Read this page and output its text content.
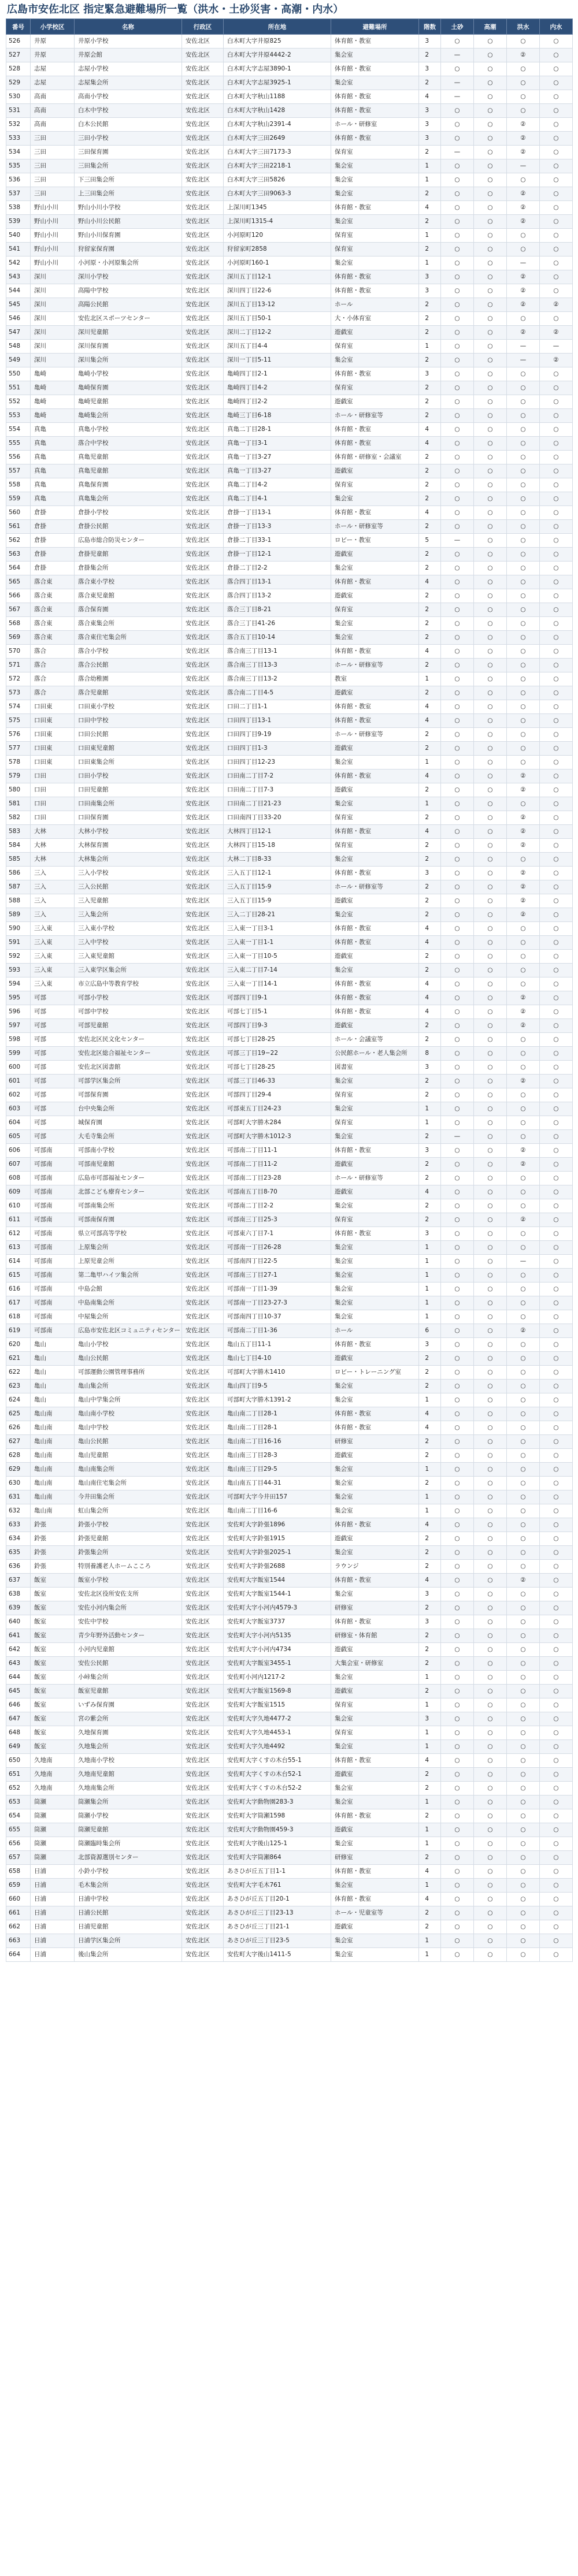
広島市安佐北区 指定緊急避難場所一覧（洪水・土砂災害・高潮・内水）
番号	小学校区	名称	行政区	所在地	避難場所	階数	土砂	高潮	洪水	内水
526	井原	井原小学校	安佐北区	白木町大字井原825	体育館・教室	3	○	○	○	○
527	井原	井原会館	安佐北区	白木町大字井原4442-2	集会室	2	—	○	②	○
528	志屋	志屋小学校	安佐北区	白木町大字志屋3890-1	体育館・教室	3	○	○	○	○
529	志屋	志屋集会所	安佐北区	白木町大字志屋3925-1	集会室	2	—	○	○	○
530	高南	高南小学校	安佐北区	白木町大字秋山1188	体育館・教室	4	—	○	○	○
531	高南	白木中学校	安佐北区	白木町大字秋山1428	体育館・教室	3	○	○	○	○
532	高南	白木公民館	安佐北区	白木町大字秋山2391-4	ホール・研修室	3	○	○	②	○
533	三田	三田小学校	安佐北区	白木町大字三田2649	体育館・教室	3	○	○	②	○
534	三田	三田保育園	安佐北区	白木町大字三田7173-3	保育室	2	—	○	②	○
535	三田	三田集会所	安佐北区	白木町大字三田2218-1	集会室	1	○	○	—	○
536	三田	下三田集会所	安佐北区	白木町大字三田5826	集会室	1	○	○	○	○
537	三田	上三田集会所	安佐北区	白木町大字三田9063-3	集会室	2	○	○	②	○
538	野山小川	野山小川小学校	安佐北区	上深川町1345	体育館・教室	4	○	○	②	○
539	野山小川	野山小川公民館	安佐北区	上深川町1315-4	集会室	2	○	○	②	○
540	野山小川	野山小川保育園	安佐北区	小河原町120	保育室	1	○	○	○	○
541	野山小川	狩留家保育園	安佐北区	狩留家町2858	保育室	2	○	○	○	○
542	野山小川	小河原・小河原集会所	安佐北区	小河原町160-1	集会室	1	○	○	—	○
543	深川	深川小学校	安佐北区	深川五丁目12-1	体育館・教室	3	○	○	②	○
544	深川	高陽中学校	安佐北区	深川四丁目22-6	体育館・教室	3	○	○	②	○
545	深川	高陽公民館	安佐北区	深川五丁目13-12	ホール	2	○	○	②	②
546	深川	安佐北区スポーツセンター	安佐北区	深川五丁目50-1	大・小体育室	2	○	○	○	○
547	深川	深川児童館	安佐北区	深川二丁目12-2	遊戯室	2	○	○	②	②
548	深川	深川保育園	安佐北区	深川五丁目4-4	保育室	1	○	○	—	—
549	深川	深川集会所	安佐北区	深川一丁目5-11	集会室	2	○	○	—	②
550	亀崎	亀崎小学校	安佐北区	亀崎四丁目2-1	体育館・教室	3	○	○	○	○
551	亀崎	亀崎保育園	安佐北区	亀崎四丁目4-2	保育室	2	○	○	○	○
552	亀崎	亀崎児童館	安佐北区	亀崎四丁目2-2	遊戯室	2	○	○	○	○
553	亀崎	亀崎集会所	安佐北区	亀崎三丁目6-18	ホール・研修室等	2	○	○	○	○
554	真亀	真亀小学校	安佐北区	真亀二丁目28-1	体育館・教室	4	○	○	○	○
555	真亀	落合中学校	安佐北区	真亀一丁目3-1	体育館・教室	4	○	○	○	○
556	真亀	真亀児童館	安佐北区	真亀一丁目3-27	体育館・研修室・会議室	2	○	○	○	○
557	真亀	真亀児童館	安佐北区	真亀一丁目3-27	遊戯室	2	○	○	○	○
558	真亀	真亀保育園	安佐北区	真亀二丁目4-2	保育室	2	○	○	○	○
559	真亀	真亀集会所	安佐北区	真亀二丁目4-1	集会室	2	○	○	○	○
560	倉掛	倉掛小学校	安佐北区	倉掛一丁目13-1	体育館・教室	4	○	○	○	○
561	倉掛	倉掛公民館	安佐北区	倉掛一丁目13-3	ホール・研修室等	2	○	○	○	○
562	倉掛	広島市総合防災センター	安佐北区	倉掛二丁目33-1	ロビー・教室	5	—	○	○	○
563	倉掛	倉掛児童館	安佐北区	倉掛一丁目12-1	遊戯室	2	○	○	○	○
564	倉掛	倉掛集会所	安佐北区	倉掛二丁目2-2	集会室	2	○	○	○	○
565	落合東	落合東小学校	安佐北区	落合四丁目13-1	体育館・教室	4	○	○	○	○
566	落合東	落合東児童館	安佐北区	落合四丁目13-2	遊戯室	2	○	○	○	○
567	落合東	落合保育園	安佐北区	落合三丁目8-21	保育室	2	○	○	○	○
568	落合東	落合東集会所	安佐北区	落合三丁目41-26	集会室	2	○	○	○	○
569	落合東	落合東住宅集会所	安佐北区	落合五丁目10-14	集会室	2	○	○	○	○
570	落合	落合小学校	安佐北区	落合南三丁目13-1	体育館・教室	4	○	○	○	○
571	落合	落合公民館	安佐北区	落合南三丁目13-3	ホール・研修室等	2	○	○	○	○
572	落合	落合幼稚園	安佐北区	落合南三丁目13-2	教室	1	○	○	○	○
573	落合	落合児童館	安佐北区	落合南二丁目4-5	遊戯室	2	○	○	○	○
574	口田東	口田東小学校	安佐北区	口田二丁目1-1	体育館・教室	4	○	○	○	○
575	口田東	口田中学校	安佐北区	口田四丁目13-1	体育館・教室	4	○	○	○	○
576	口田東	口田公民館	安佐北区	口田四丁目9-19	ホール・研修室等	2	○	○	○	○
577	口田東	口田東児童館	安佐北区	口田四丁目1-3	遊戯室	2	○	○	○	○
578	口田東	口田東集会所	安佐北区	口田四丁目12-23	集会室	1	○	○	○	○
579	口田	口田小学校	安佐北区	口田南二丁目7-2	体育館・教室	4	○	○	②	○
580	口田	口田児童館	安佐北区	口田南二丁目7-3	遊戯室	2	○	○	②	○
581	口田	口田南集会所	安佐北区	口田南二丁目21-23	集会室	1	○	○	○	○
582	口田	口田保育園	安佐北区	口田南四丁目33-20	保育室	2	○	○	②	○
583	大林	大林小学校	安佐北区	大林四丁目12-1	体育館・教室	4	○	○	②	○
584	大林	大林保育園	安佐北区	大林四丁目15-18	保育室	2	○	○	②	○
585	大林	大林集会所	安佐北区	大林二丁目8-33	集会室	2	○	○	○	○
586	三入	三入小学校	安佐北区	三入五丁目12-1	体育館・教室	3	○	○	②	○
587	三入	三入公民館	安佐北区	三入五丁目15-9	ホール・研修室等	2	○	○	②	○
588	三入	三入児童館	安佐北区	三入五丁目15-9	遊戯室	2	○	○	②	○
589	三入	三入集会所	安佐北区	三入二丁目28-21	集会室	2	○	○	②	○
590	三入東	三入東小学校	安佐北区	三入東一丁目3-1	体育館・教室	4	○	○	○	○
591	三入東	三入中学校	安佐北区	三入東一丁目1-1	体育館・教室	4	○	○	○	○
592	三入東	三入東児童館	安佐北区	三入東一丁目10-5	遊戯室	2	○	○	○	○
593	三入東	三入東学区集会所	安佐北区	三入東二丁目7-14	集会室	2	○	○	○	○
594	三入東	市立広島中等教育学校	安佐北区	三入東一丁目14-1	体育館・教室	4	○	○	○	○
595	可部	可部小学校	安佐北区	可部四丁目9-1	体育館・教室	4	○	○	②	○
596	可部	可部中学校	安佐北区	可部七丁目5-1	体育館・教室	4	○	○	②	○
597	可部	可部児童館	安佐北区	可部四丁目9-3	遊戯室	2	○	○	②	○
598	可部	安佐北区民文化センター	安佐北区	可部七丁目28-25	ホール・会議室等	2	○	○	○	○
599	可部	安佐北区総合福祉センター	安佐北区	可部三丁目19−22	公民館ホール・老人集会所	8	○	○	○	○
600	可部	安佐北区図書館	安佐北区	可部七丁目28-25	図書室	3	○	○	○	○
601	可部	可部学区集会所	安佐北区	可部三丁目46-33	集会室	2	○	○	②	○
602	可部	可部保育園	安佐北区	可部四丁目29-4	保育室	2	○	○	○	○
603	可部	台中央集会所	安佐北区	可部東五丁目24-23	集会室	1	○	○	○	○
604	可部	城保育園	安佐北区	可部町大字勝木284	保育室	1	○	○	○	○
605	可部	大毛寺集会所	安佐北区	可部町大字勝木1012-3	集会室	2	—	○	○	○
606	可部南	可部南小学校	安佐北区	可部南二丁目11-1	体育館・教室	3	○	○	②	○
607	可部南	可部南児童館	安佐北区	可部南二丁目11-2	遊戯室	2	○	○	②	○
608	可部南	広島市可部福祉センター	安佐北区	可部南二丁目23-28	ホール・研修室等	2	○	○	○	○
609	可部南	北部こども療育センター	安佐北区	可部南五丁目8-70	遊戯室	4	○	○	○	○
610	可部南	可部南集会所	安佐北区	可部南二丁目2-2	集会室	2	○	○	○	○
611	可部南	可部南保育園	安佐北区	可部南三丁目25-3	保育室	2	○	○	②	○
612	可部南	県立可部高等学校	安佐北区	可部東六丁目7-1	体育館・教室	3	○	○	○	○
613	可部南	上原集会所	安佐北区	可部南一丁目26-28	集会室	1	○	○	○	○
614	可部南	上原児童会所	安佐北区	可部南四丁目22-5	集会室	1	○	○	—	○
615	可部南	第二亀甲ハイツ集会所	安佐北区	可部南三丁目27-1	集会室	1	○	○	○	○
616	可部南	中島会館	安佐北区	可部南一丁目1-39	集会室	1	○	○	○	○
617	可部南	中島南集会所	安佐北区	可部南一丁目23-27-3	集会室	1	○	○	○	○
618	可部南	中屋集会所	安佐北区	可部南四丁目10-37	集会室	1	○	○	○	○
619	可部南	広島市安佐北区コミュニティセンター	安佐北区	可部南二丁目1-36	ホール	6	○	○	②	○
620	亀山	亀山小学校	安佐北区	亀山五丁目11-1	体育館・教室	3	○	○	○	○
621	亀山	亀山公民館	安佐北区	亀山七丁目4-10	遊戯室	2	○	○	○	○
622	亀山	可部運動公園管理事務所	安佐北区	可部町大字勝木1410	ロビー・トレーニング室	2	○	○	○	○
623	亀山	亀山集会所	安佐北区	亀山四丁目9-5	集会室	2	○	○	○	○
624	亀山	亀山中学集会所	安佐北区	可部町大字勝木1391-2	集会室	1	○	○	○	○
625	亀山南	亀山南小学校	安佐北区	亀山南二丁目28-1	体育館・教室	4	○	○	○	○
626	亀山南	亀山中学校	安佐北区	亀山南二丁目28-1	体育館・教室	4	○	○	○	○
627	亀山南	亀山公民館	安佐北区	亀山南二丁目16-16	研修室	2	○	○	○	○
628	亀山南	亀山児童館	安佐北区	亀山南三丁目28-3	遊戯室	2	○	○	○	○
629	亀山南	亀山南集会所	安佐北区	亀山南三丁目29-5	集会室	1	○	○	○	○
630	亀山南	亀山南住宅集会所	安佐北区	亀山南五丁目44-31	集会室	2	○	○	○	○
631	亀山南	今井田集会所	安佐北区	可部町大字今井田157	集会室	1	○	○	○	○
632	亀山南	虹山集会所	安佐北区	亀山南二丁目16-6	集会室	1	○	○	○	○
633	鈴張	鈴張小学校	安佐北区	安佐町大字鈴張1896	体育館・教室	4	○	○	○	○
634	鈴張	鈴張児童館	安佐北区	安佐町大字鈴張1915	遊戯室	2	○	○	○	○
635	鈴張	鈴張集会所	安佐北区	安佐町大字鈴張2025-1	集会室	2	○	○	○	○
636	鈴張	特別養護老人ホームこころ	安佐北区	安佐町大字鈴張2688	ラウンジ	2	○	○	○	○
637	飯室	飯室小学校	安佐北区	安佐町大字飯室1544	体育館・教室	4	○	○	②	○
638	飯室	安佐北区役所安佐支所	安佐北区	安佐町大字飯室1544-1	集会室	3	○	○	○	○
639	飯室	安佐小河内集会所	安佐北区	安佐町大字小河内4579-3	研修室	2	○	○	○	○
640	飯室	安佐中学校	安佐北区	安佐町大字飯室3737	体育館・教室	3	○	○	○	○
641	飯室	青少年野外活動センター	安佐北区	安佐町大字小河内5135	研修室・体育館	2	○	○	○	○
642	飯室	小河内児童館	安佐北区	安佐町大字小河内4734	遊戯室	2	○	○	○	○
643	飯室	安佐公民館	安佐北区	安佐町大字飯室3455-1	大集会室・研修室	2	○	○	○	○
644	飯室	小峠集会所	安佐北区	安佐町小河内1217-2	集会室	1	○	○	○	○
645	飯室	飯室児童館	安佐北区	安佐町大字飯室1569-8	遊戯室	2	○	○	○	○
646	飯室	いずみ保育園	安佐北区	安佐町大字飯室1515	保育室	1	○	○	○	○
647	飯室	宮の紫会所	安佐北区	安佐町大字久地4477-2	集会室	3	○	○	○	○
648	飯室	久地保育園	安佐北区	安佐町大字久地4453-1	保育室	1	○	○	○	○
649	飯室	久地集会所	安佐北区	安佐町大字久地4492	集会室	1	○	○	○	○
650	久地南	久地南小学校	安佐北区	安佐町大字くすの木台55-1	体育館・教室	4	○	○	○	○
651	久地南	久地南児童館	安佐北区	安佐町大字くすの木台52-1	遊戯室	2	○	○	○	○
652	久地南	久地南集会所	安佐北区	安佐町大字くすの木台52-2	集会室	2	○	○	○	○
653	筒瀬	筒瀬集会所	安佐北区	安佐町大字動物園283-3	集会室	1	○	○	○	○
654	筒瀬	筒瀬小学校	安佐北区	安佐町大字筒瀬1598	体育館・教室	2	○	○	○	○
655	筒瀬	筒瀬児童館	安佐北区	安佐町大字動物園459-3	遊戯室	1	○	○	○	○
656	筒瀬	筒瀬臨時集会所	安佐北区	安佐町大字後山125-1	集会室	1	○	○	○	○
657	筒瀬	北部資源選別センター	安佐北区	安佐町大字筒瀬864	研修室	2	○	○	○	○
658	日浦	小鈴小学校	安佐北区	あさひが丘五丁目1-1	体育館・教室	4	○	○	○	○
659	日浦	毛木集会所	安佐北区	安佐町大字毛木761	集会室	1	○	○	○	○
660	日浦	日浦中学校	安佐北区	あさひが丘五丁目20-1	体育館・教室	4	○	○	○	○
661	日浦	日浦公民館	安佐北区	あさひが丘三丁目23-13	ホール・児童室等	2	○	○	○	○
662	日浦	日浦児童館	安佐北区	あさひが丘三丁目21-1	遊戯室	2	○	○	○	○
663	日浦	日浦学区集会所	安佐北区	あさひが丘三丁目23-5	集会室	1	○	○	○	○
664	日浦	後山集会所	安佐北区	安佐町大字後山1411-5	集会室	1	○	○	○	○
